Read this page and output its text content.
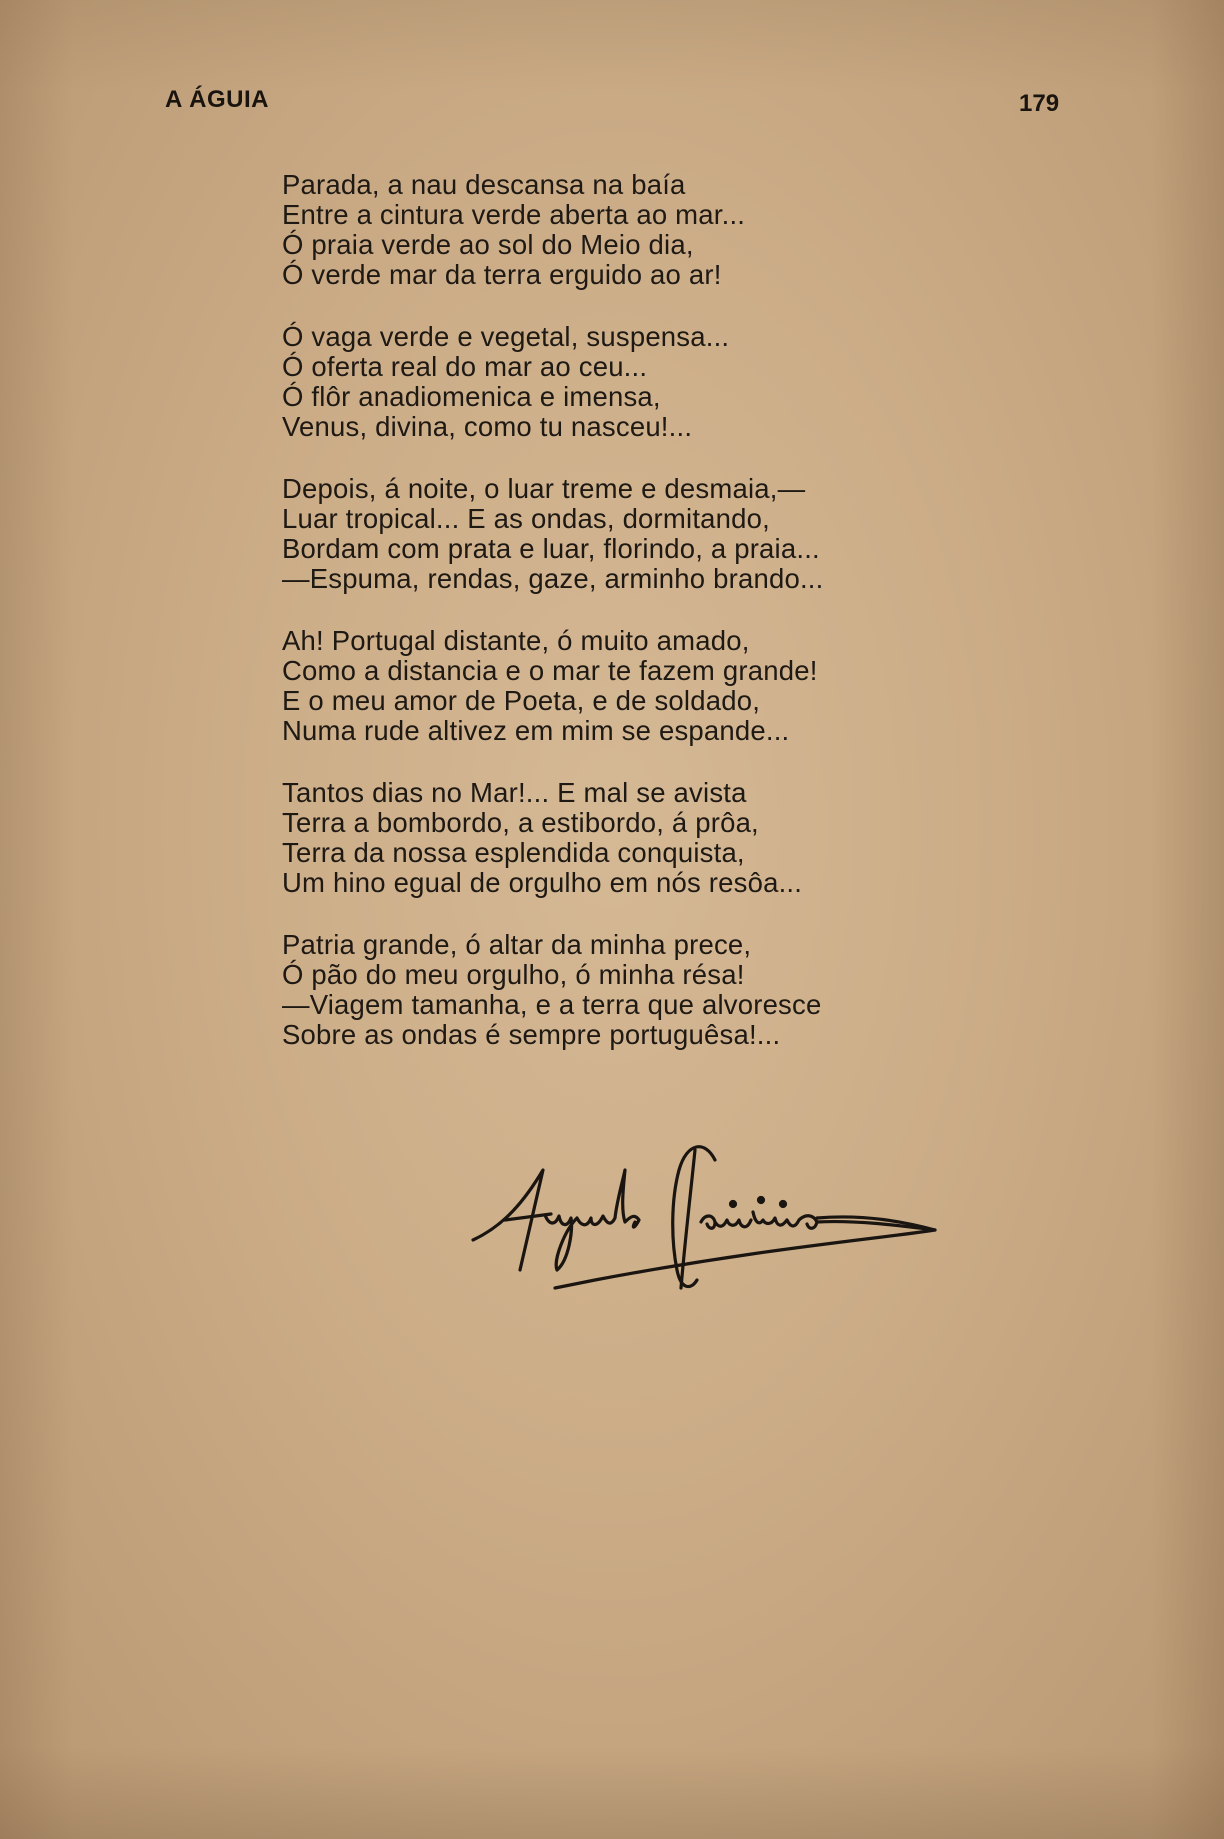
A ÁGUIA	179
Parada, a nau descansa na baía
Entre a cintura verde aberta ao mar...
Ó praia verde ao sol do Meio dia,
Ó verde mar da terra erguido ao ar!
Ó vaga verde e vegetal, suspensa...
Ó oferta real do mar ao ceu...
Ó flôr anadiomenica e imensa,
Venus, divina, como tu nasceu!...
Depois, á noite, o luar treme e desmaia,—
Luar tropical... E as ondas, dormitando,
Bordam com prata e luar, florindo, a praia...
—Espuma, rendas, gaze, arminho brando...
Ah! Portugal distante, ó muito amado,
Como a distancia e o mar te fazem grande!
E o meu amor de Poeta, e de soldado,
Numa rude altivez em mim se espande...
Tantos dias no Mar!... E mal se avista
Terra a bombordo, a estibordo, á prôa,
Terra da nossa esplendida conquista,
Um hino egual de orgulho em nós resôa...
Patria grande, ó altar da minha prece,
Ó pão do meu orgulho, ó minha résa!
—Viagem tamanha, e a terra que alvoresce
Sobre as ondas é sempre portuguêsa!...
